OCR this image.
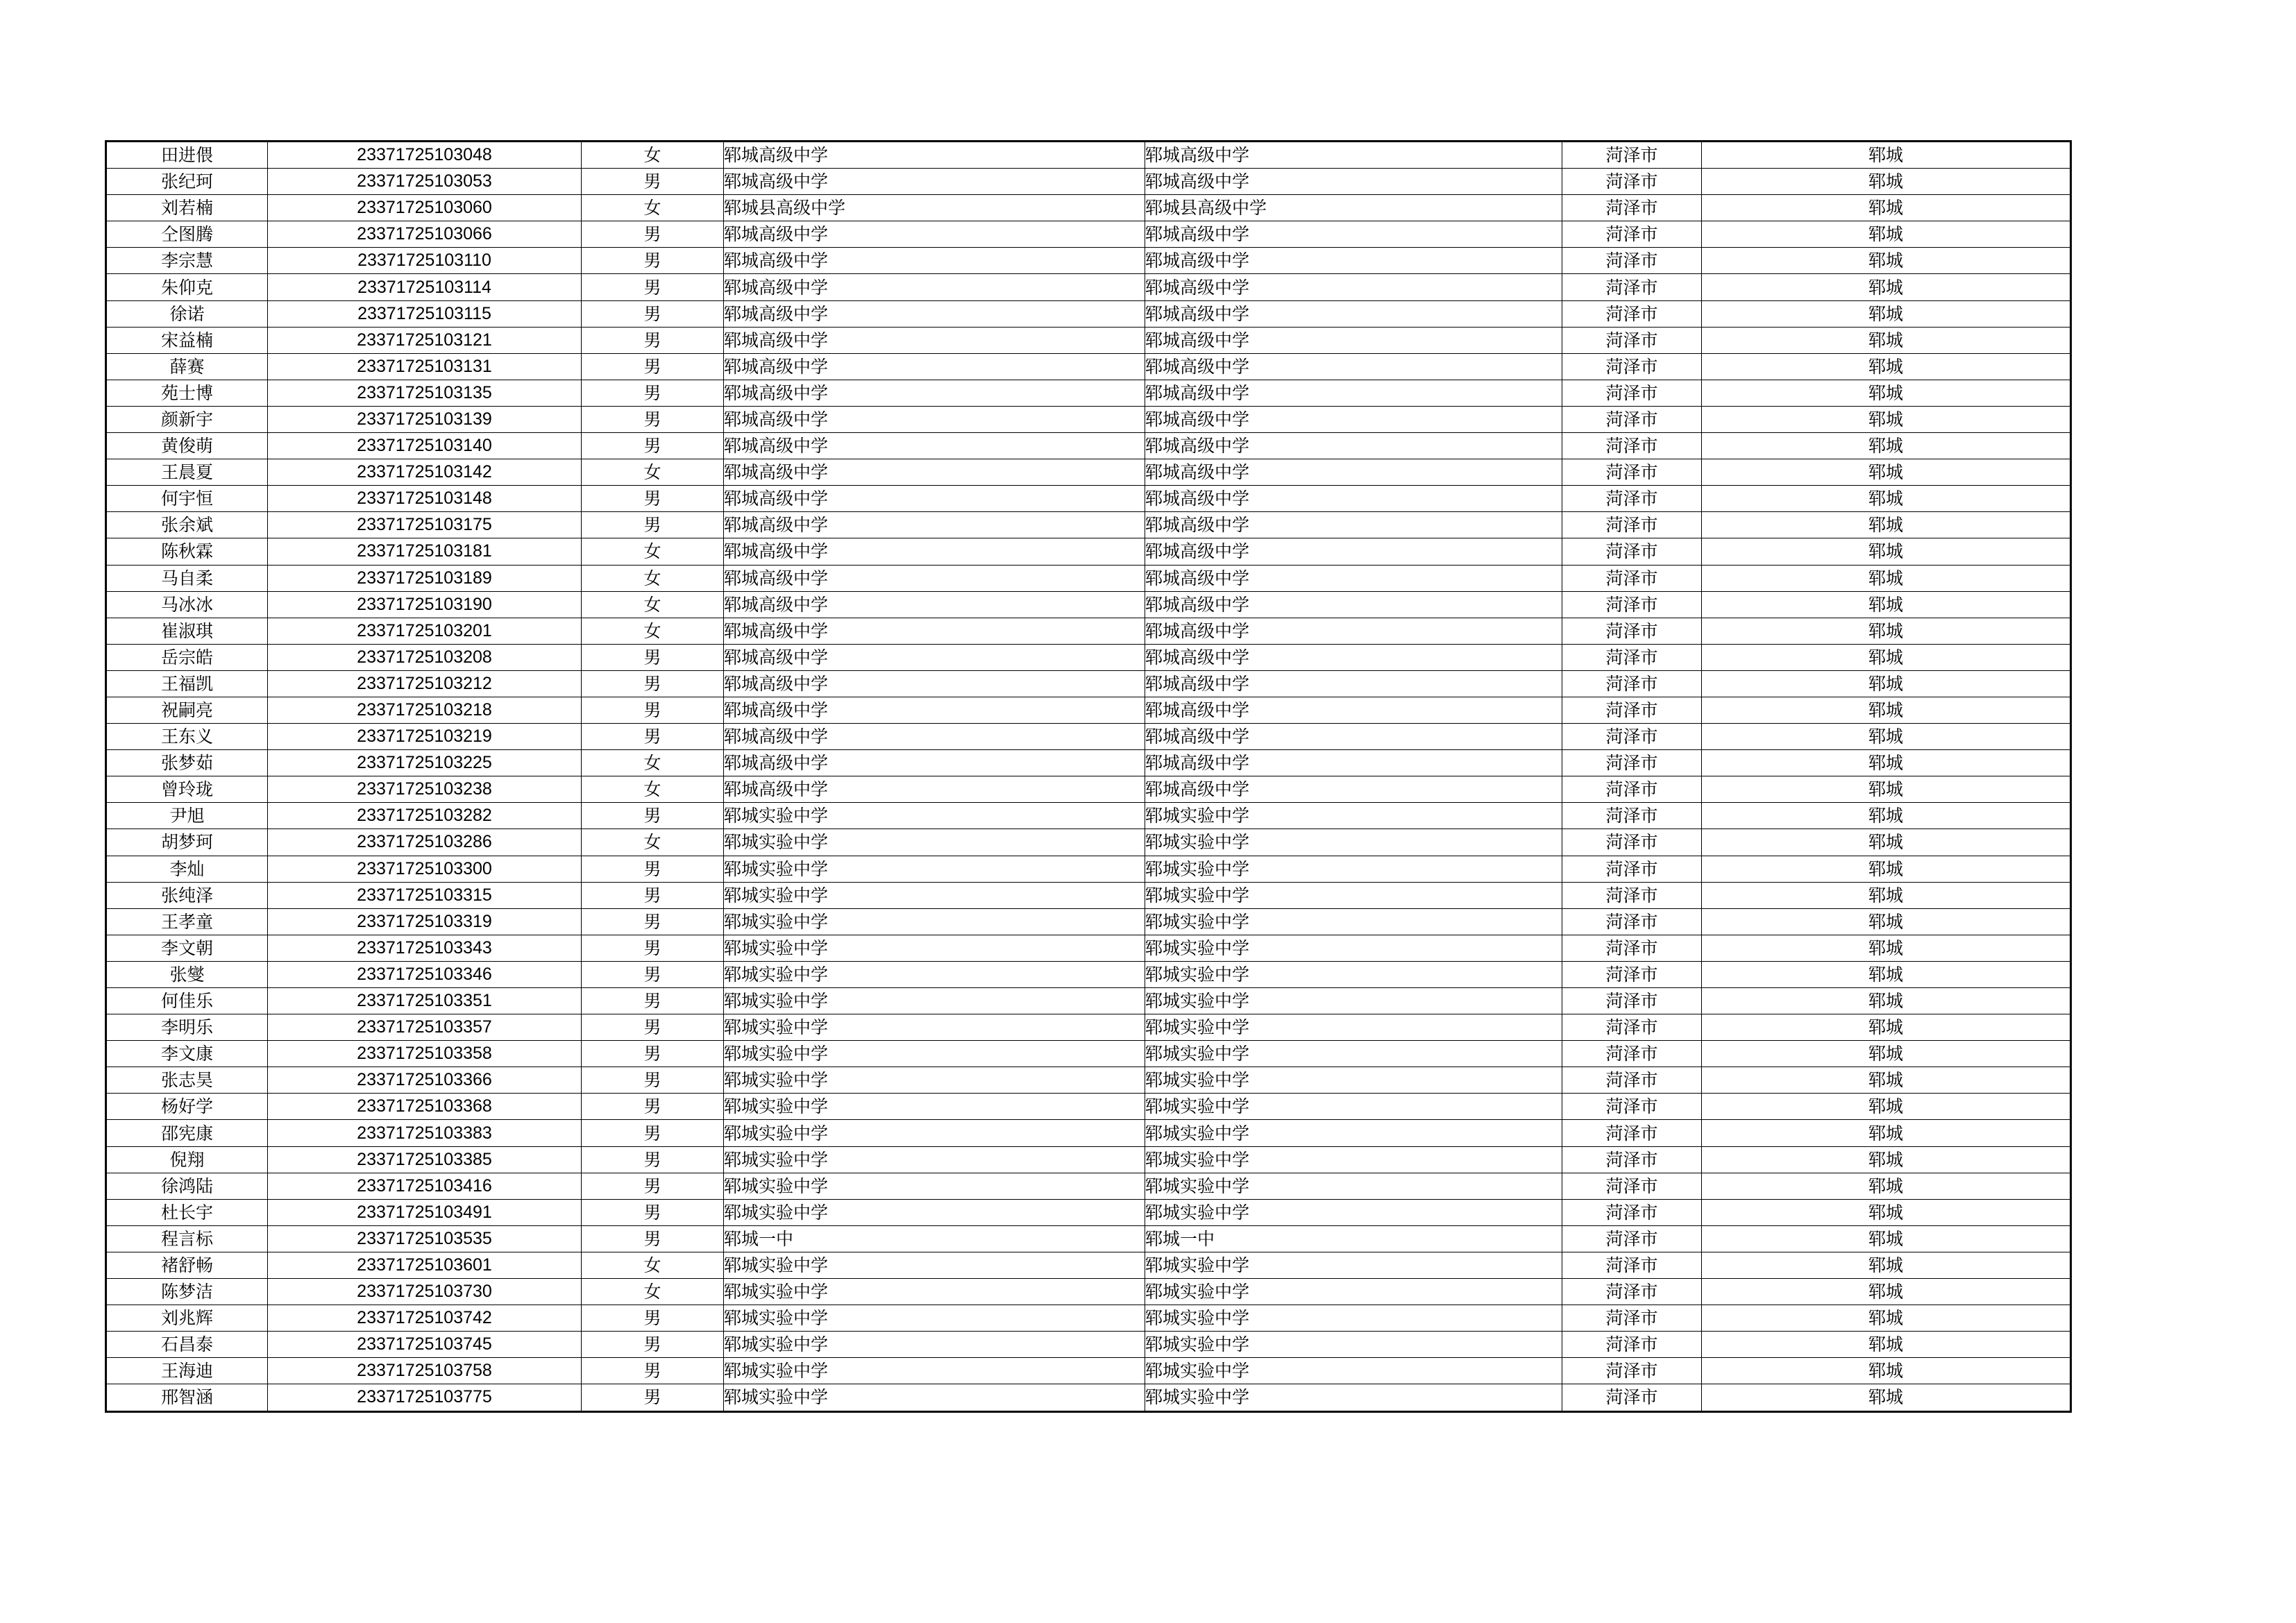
田进偎	23371725103048	女	郓城高级中学	郓城高级中学	菏泽市	郓城
张纪珂	23371725103053	男	郓城高级中学	郓城高级中学	菏泽市	郓城
刘若楠	23371725103060	女	郓城县高级中学	郓城县高级中学	菏泽市	郓城
仝图腾	23371725103066	男	郓城高级中学	郓城高级中学	菏泽市	郓城
李宗慧	23371725103110	男	郓城高级中学	郓城高级中学	菏泽市	郓城
朱仰克	23371725103114	男	郓城高级中学	郓城高级中学	菏泽市	郓城
徐诺	23371725103115	男	郓城高级中学	郓城高级中学	菏泽市	郓城
宋益楠	23371725103121	男	郓城高级中学	郓城高级中学	菏泽市	郓城
薛赛	23371725103131	男	郓城高级中学	郓城高级中学	菏泽市	郓城
苑士博	23371725103135	男	郓城高级中学	郓城高级中学	菏泽市	郓城
颜新宇	23371725103139	男	郓城高级中学	郓城高级中学	菏泽市	郓城
黄俊萌	23371725103140	男	郓城高级中学	郓城高级中学	菏泽市	郓城
王晨夏	23371725103142	女	郓城高级中学	郓城高级中学	菏泽市	郓城
何宇恒	23371725103148	男	郓城高级中学	郓城高级中学	菏泽市	郓城
张余斌	23371725103175	男	郓城高级中学	郓城高级中学	菏泽市	郓城
陈秋霖	23371725103181	女	郓城高级中学	郓城高级中学	菏泽市	郓城
马自柔	23371725103189	女	郓城高级中学	郓城高级中学	菏泽市	郓城
马冰冰	23371725103190	女	郓城高级中学	郓城高级中学	菏泽市	郓城
崔淑琪	23371725103201	女	郓城高级中学	郓城高级中学	菏泽市	郓城
岳宗皓	23371725103208	男	郓城高级中学	郓城高级中学	菏泽市	郓城
王福凯	23371725103212	男	郓城高级中学	郓城高级中学	菏泽市	郓城
祝嗣亮	23371725103218	男	郓城高级中学	郓城高级中学	菏泽市	郓城
王东义	23371725103219	男	郓城高级中学	郓城高级中学	菏泽市	郓城
张梦茹	23371725103225	女	郓城高级中学	郓城高级中学	菏泽市	郓城
曾玲珑	23371725103238	女	郓城高级中学	郓城高级中学	菏泽市	郓城
尹旭	23371725103282	男	郓城实验中学	郓城实验中学	菏泽市	郓城
胡梦珂	23371725103286	女	郓城实验中学	郓城实验中学	菏泽市	郓城
李灿	23371725103300	男	郓城实验中学	郓城实验中学	菏泽市	郓城
张纯泽	23371725103315	男	郓城实验中学	郓城实验中学	菏泽市	郓城
王孝童	23371725103319	男	郓城实验中学	郓城实验中学	菏泽市	郓城
李文朝	23371725103343	男	郓城实验中学	郓城实验中学	菏泽市	郓城
张燮	23371725103346	男	郓城实验中学	郓城实验中学	菏泽市	郓城
何佳乐	23371725103351	男	郓城实验中学	郓城实验中学	菏泽市	郓城
李明乐	23371725103357	男	郓城实验中学	郓城实验中学	菏泽市	郓城
李文康	23371725103358	男	郓城实验中学	郓城实验中学	菏泽市	郓城
张志昊	23371725103366	男	郓城实验中学	郓城实验中学	菏泽市	郓城
杨好学	23371725103368	男	郓城实验中学	郓城实验中学	菏泽市	郓城
邵宪康	23371725103383	男	郓城实验中学	郓城实验中学	菏泽市	郓城
倪翔	23371725103385	男	郓城实验中学	郓城实验中学	菏泽市	郓城
徐鸿陆	23371725103416	男	郓城实验中学	郓城实验中学	菏泽市	郓城
杜长宇	23371725103491	男	郓城实验中学	郓城实验中学	菏泽市	郓城
程言标	23371725103535	男	郓城一中	郓城一中	菏泽市	郓城
褚舒畅	23371725103601	女	郓城实验中学	郓城实验中学	菏泽市	郓城
陈梦洁	23371725103730	女	郓城实验中学	郓城实验中学	菏泽市	郓城
刘兆辉	23371725103742	男	郓城实验中学	郓城实验中学	菏泽市	郓城
石昌泰	23371725103745	男	郓城实验中学	郓城实验中学	菏泽市	郓城
王海迪	23371725103758	男	郓城实验中学	郓城实验中学	菏泽市	郓城
邢智涵	23371725103775	男	郓城实验中学	郓城实验中学	菏泽市	郓城
